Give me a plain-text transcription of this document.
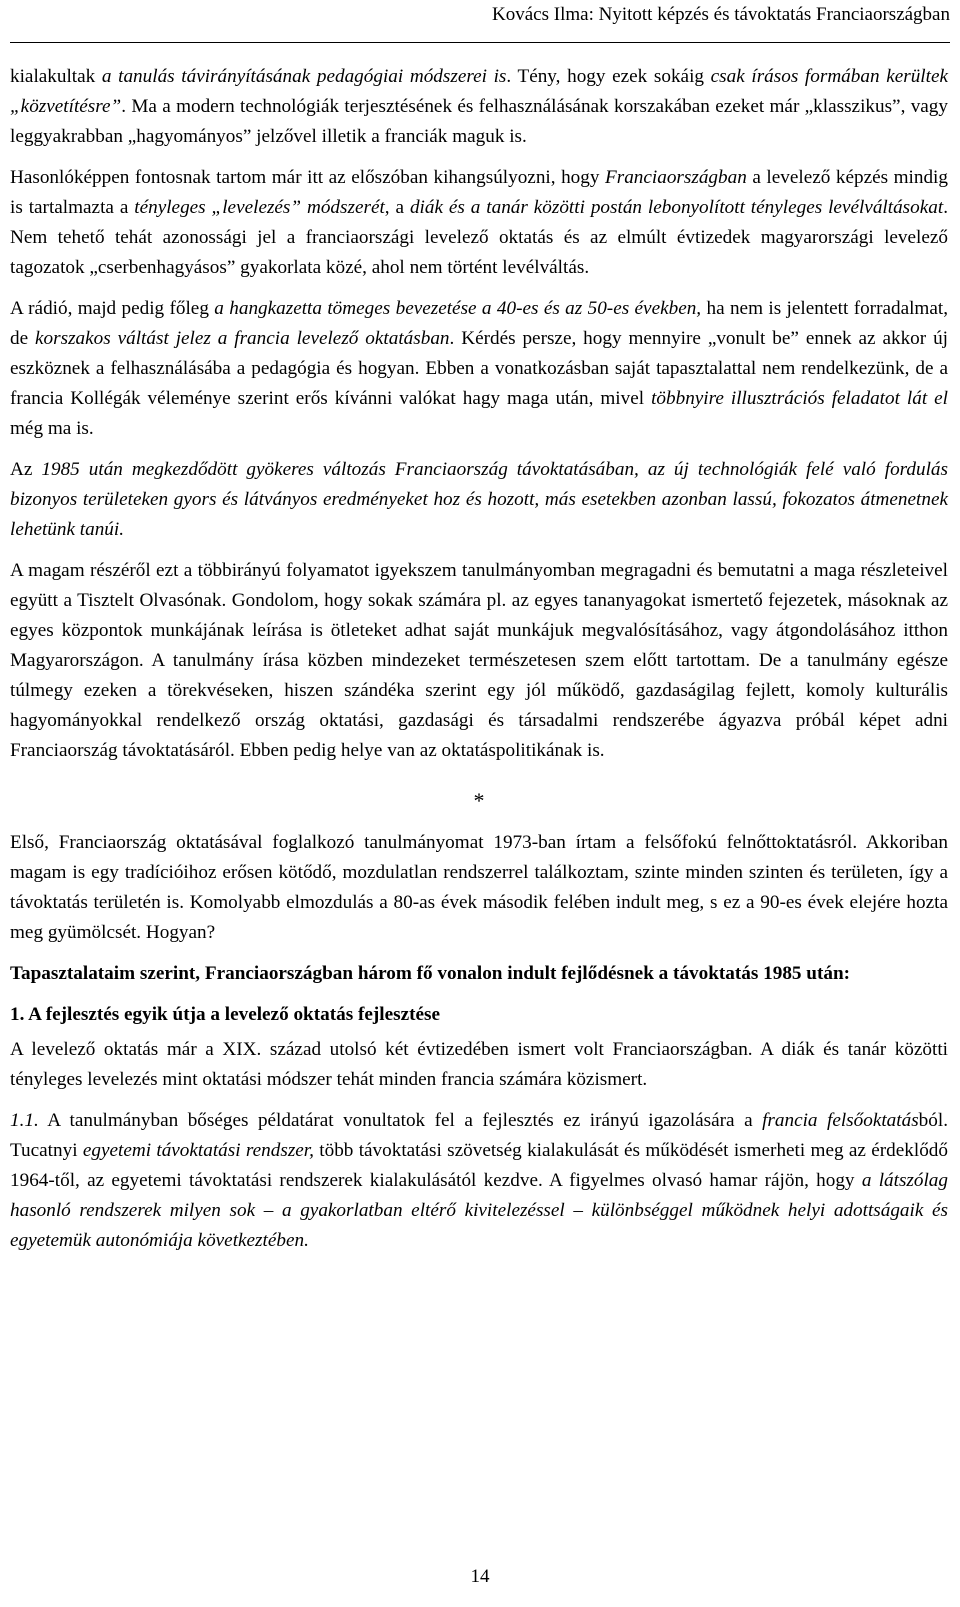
Kovács Ilma: Nyitott képzés és távoktatás Franciaországban

kialakultak a tanulás távirányításának pedagógiai módszerei is. Tény, hogy ezek sokáig csak írásos formában kerültek „közvetítésre”. Ma a modern technológiák terjesztésének és felhasználásának korszakában ezeket már „klasszikus”, vagy leggyakrabban „hagyományos” jelzővel illetik a franciák maguk is.

Hasonlóképpen fontosnak tartom már itt az előszóban kihangsúlyozni, hogy Franciaországban a levelező képzés mindig is tartalmazta a tényleges „levelezés” módszerét, a diák és a tanár közötti postán lebonyolított tényleges levélváltásokat. Nem tehető tehát azonossági jel a franciaországi levelező oktatás és az elmúlt évtizedek magyarországi levelező tagozatok „cserbenhagyásos” gyakorlata közé, ahol nem történt levélváltás.

A rádió, majd pedig főleg a hangkazetta tömeges bevezetése a 40-es és az 50-es években, ha nem is jelentett forradalmat, de korszakos váltást jelez a francia levelező oktatásban. Kérdés persze, hogy mennyire „vonult be” ennek az akkor új eszköznek a felhasználásába a pedagógia és hogyan. Ebben a vonatkozásban saját tapasztalattal nem rendelkezünk, de a francia Kollégák véleménye szerint erős kívánni valókat hagy maga után, mivel többnyire illusztrációs feladatot lát el még ma is.

Az 1985 után megkezdődött gyökeres változás Franciaország távoktatásában, az új technológiák felé való fordulás bizonyos területeken gyors és látványos eredményeket hoz és hozott, más esetekben azonban lassú, fokozatos átmenetnek lehetünk tanúi.

A magam részéről ezt a többirányú folyamatot igyekszem tanulmányomban megragadni és bemutatni a maga részleteivel együtt a Tisztelt Olvasónak. Gondolom, hogy sokak számára pl. az egyes tananyagokat ismertető fejezetek, másoknak az egyes központok munkájának leírása is ötleteket adhat saját munkájuk megvalósításához, vagy átgondolásához itthon Magyarországon. A tanulmány írása közben mindezeket természetesen szem előtt tartottam. De a tanulmány egésze túlmegy ezeken a törekvéseken, hiszen szándéka szerint egy jól működő, gazdaságilag fejlett, komoly kulturális hagyományokkal rendelkező ország oktatási, gazdasági és társadalmi rendszerébe ágyazva próbál képet adni Franciaország távoktatásáról. Ebben pedig helye van az oktatáspolitikának is.

*

Első, Franciaország oktatásával foglalkozó tanulmányomat 1973-ban írtam a felsőfokú felnőttoktatásról. Akkoriban magam is egy tradícióihoz erősen kötődő, mozdulatlan rendszerrel találkoztam, szinte minden szinten és területen, így a távoktatás területén is. Komolyabb elmozdulás a 80-as évek második felében indult meg, s ez a 90-es évek elejére hozta meg gyümölcsét. Hogyan?

Tapasztalataim szerint, Franciaországban három fő vonalon indult fejlődésnek a távoktatás 1985 után:

1. A fejlesztés egyik útja a levelező oktatás fejlesztése

A levelező oktatás már a XIX. század utolsó két évtizedében ismert volt Franciaországban. A diák és tanár közötti tényleges levelezés mint oktatási módszer tehát minden francia számára közismert.

1.1. A tanulmányban bőséges példatárat vonultatok fel a fejlesztés ez irányú igazolására a francia felsőoktatásból. Tucatnyi egyetemi távoktatási rendszer, több távoktatási szövetség kialakulását és működését ismerheti meg az érdeklődő 1964-től, az egyetemi távoktatási rendszerek kialakulásától kezdve. A figyelmes olvasó hamar rájön, hogy a látszólag hasonló rendszerek milyen sok – a gyakorlatban eltérő kivitelezéssel – különbséggel működnek helyi adottságaik és egyetemük autonómiája következtében.

14
